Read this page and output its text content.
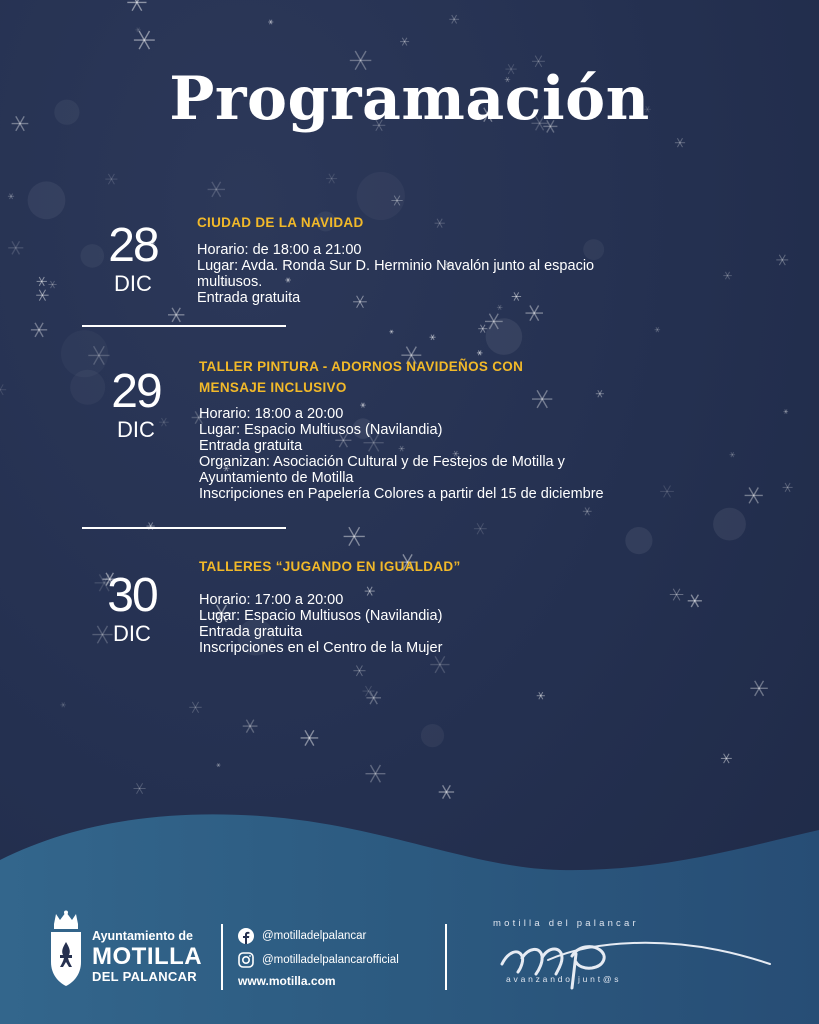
Programación
28
DIC
CIUDAD DE LA NAVIDAD
Horario: de 18:00 a 21:00
Lugar: Avda. Ronda Sur D. Herminio Navalón junto al espacio
multiusos.
Entrada gratuita
29
DIC
TALLER PINTURA - ADORNOS NAVIDEÑOS CON
MENSAJE INCLUSIVO
Horario: 18:00 a 20:00
Lugar: Espacio Multiusos (Navilandia)
Entrada gratuita
Organizan: Asociación Cultural y de Festejos de Motilla y
Ayuntamiento de Motilla
Inscripciones en Papelería Colores a partir del 15 de diciembre
30
DIC
TALLERES “JUGANDO EN IGUALDAD”
Horario: 17:00 a 20:00
Lugar: Espacio Multiusos (Navilandia)
Entrada gratuita
Inscripciones en el Centro de la Mujer
Ayuntamiento de
MOTILLA
DEL PALANCAR
@motilladelpalancar
@motilladelpalancarofficial
www.motilla.com
motilla del palancar
avanzando junt@s
